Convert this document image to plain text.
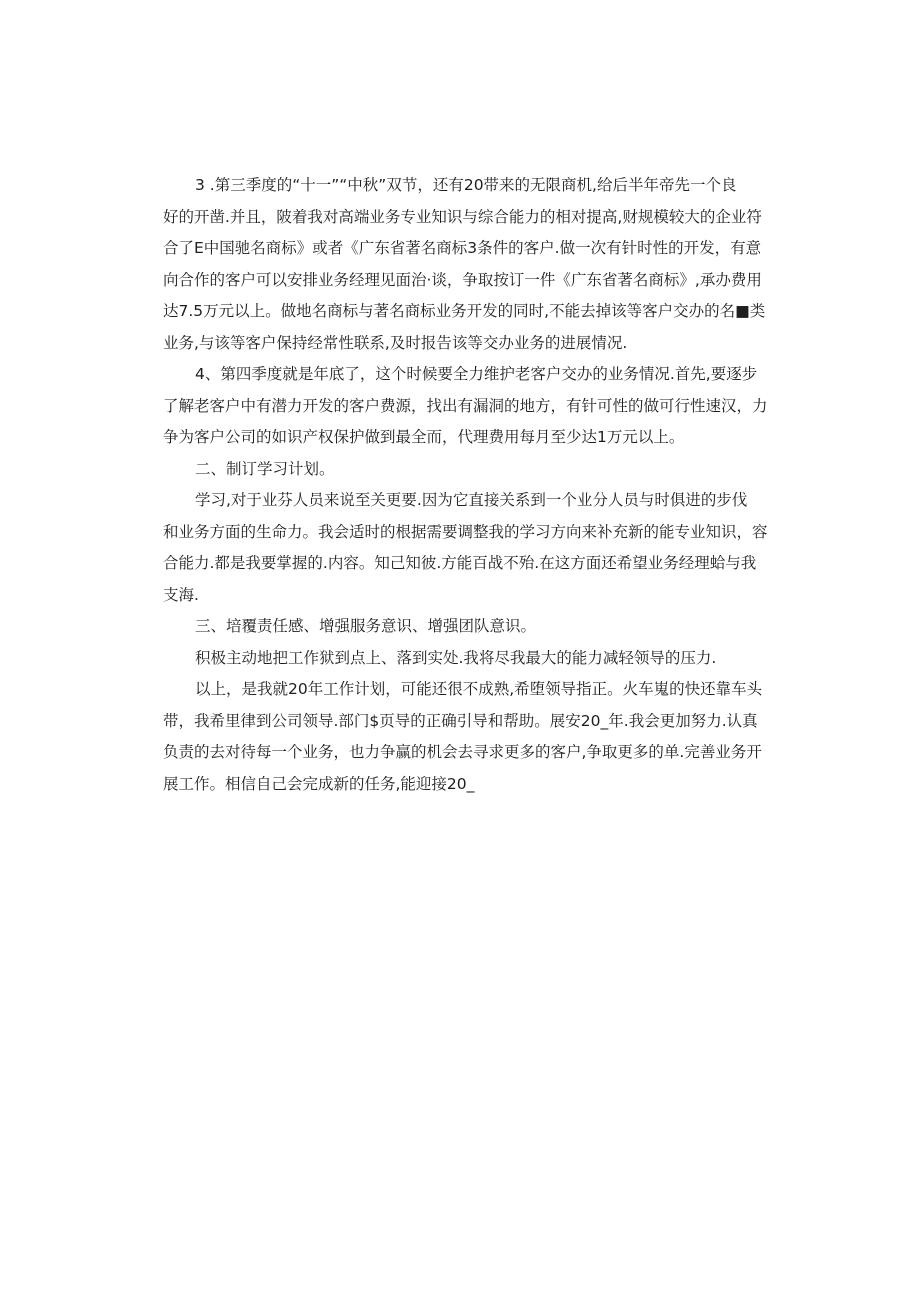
3 .第三季度的“十一”“中秋”双节，还有20带来的无限商机,给后半年帝先一个良
好的开凿.并且，陂着我对高端业务专业知识与综合能力的相对提高,财规模较大的企业符
合了E中国驰名商标》或者《广东省著名商标3条件的客户.做一次有针时性的开发，有意
向合作的客户可以安排业务经理见面治·谈，争取按订一件《广东省著名商标》,承办费用
达7.5万元以上。做地名商标与著名商标业务开发的同时,不能去掉该等客户交办的名■类
业务,与该等客户保持经常性联系,及时报告该等交办业务的进展情况.
4、第四季度就是年底了，这个时候要全力维护老客户交办的业务情况.首先,要逐步
了解老客户中有潜力开发的客户费源，找出有漏洞的地方，有针可性的做可行性速汉，力
争为客户公司的如识产权保护做到最全而，代理费用每月至少达1万元以上。
二、制订学习计划。
学习,对于业芬人员来说至关更要.因为它直接关系到一个业分人员与时俱进的步伐
和业务方面的生命力。我会适时的根据需要调整我的学习方向来补充新的能专业知识，容
合能力.都是我要掌握的.内容。知己知彼.方能百战不殆.在这方面还希望业务经理蛤与我
支海.
三、培覆责任感、增强服务意识、增强团队意识。
积极主动地把工作狱到点上、落到实处.我将尽我最大的能力减轻领导的压力.
以上，是我就20年工作计划，可能还很不成熟,希堕领导指正。火车嵬的快还靠车头
带，我希里律到公司领导.部门$页导的正确引导和帮助。展安20_年.我会更加努力.认真
负责的去对待每一个业务，也力争赢的机会去寻求更多的客户,争取更多的单.完善业务开
展工作。相信自己会完成新的任务,能迎接20_
